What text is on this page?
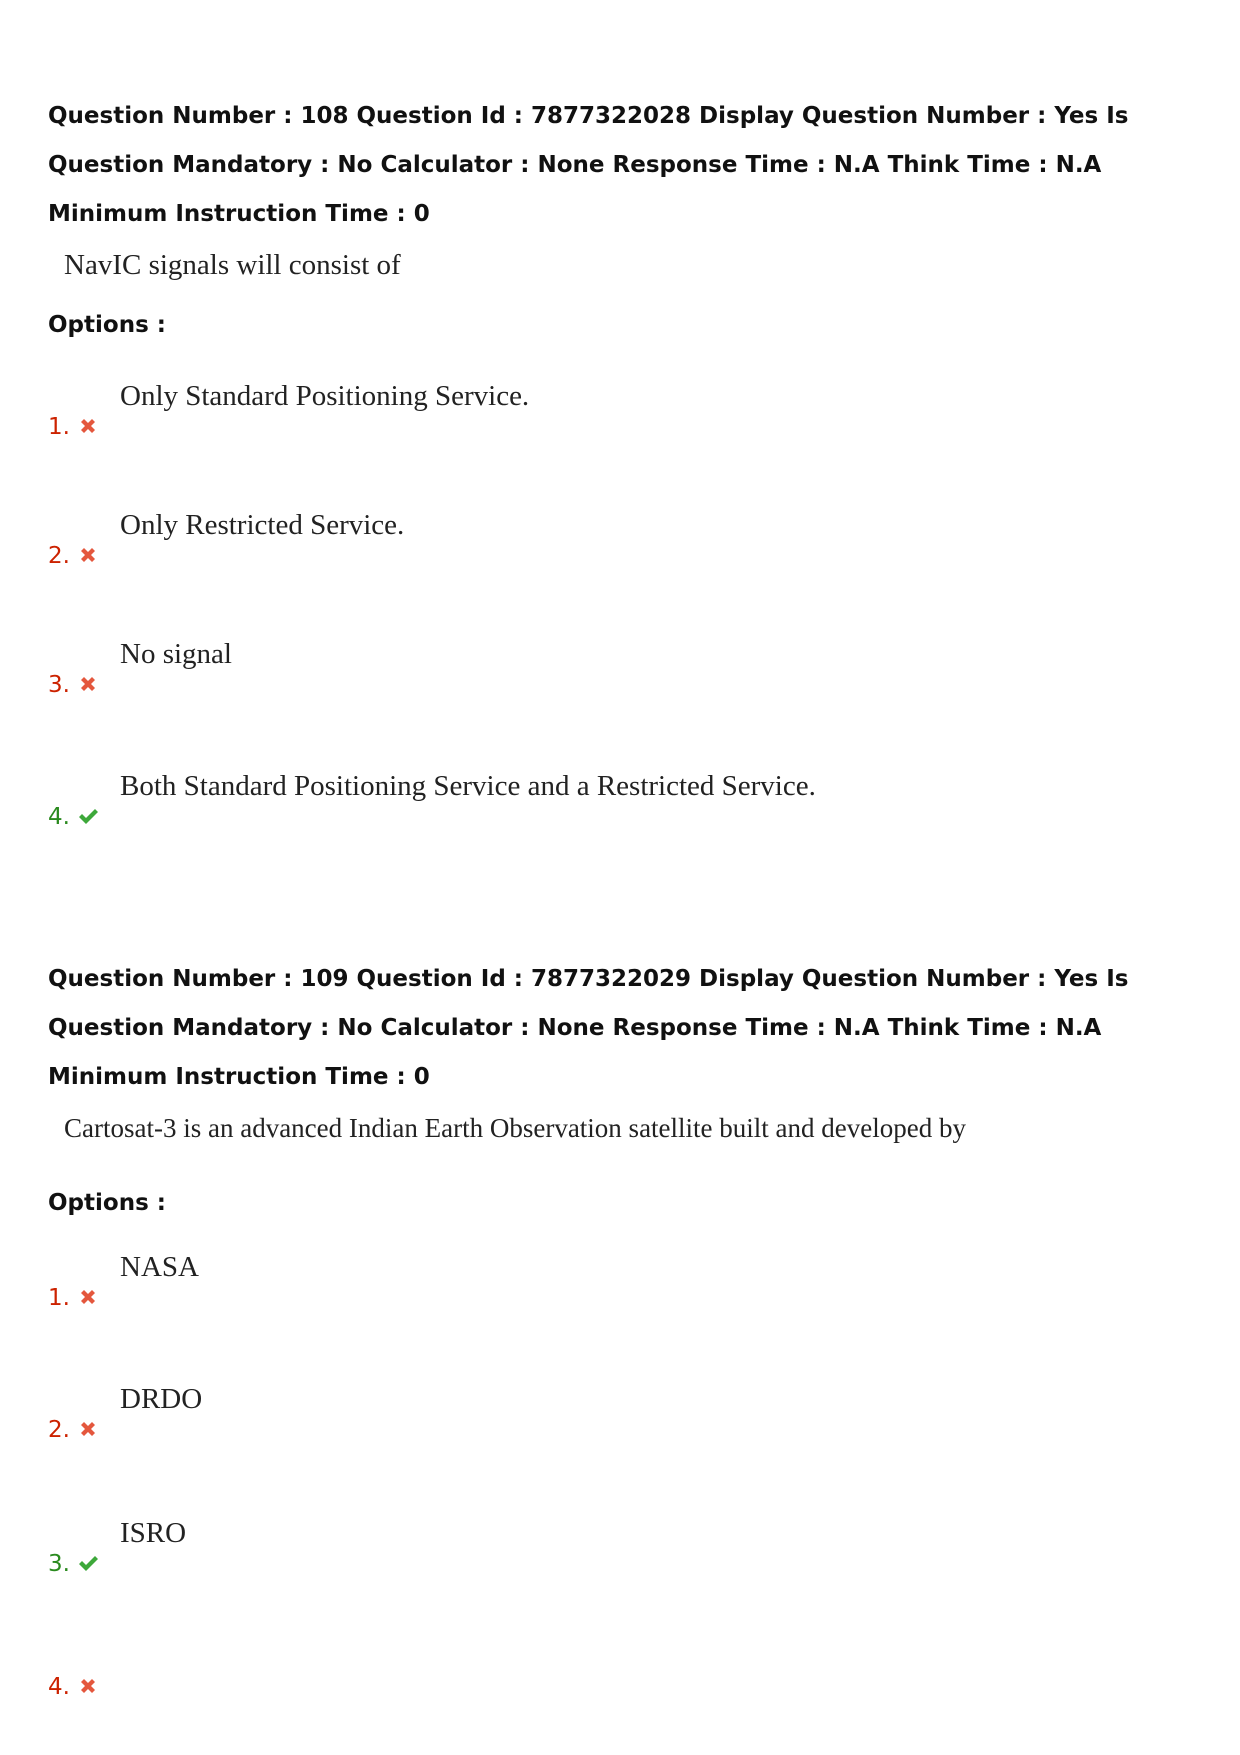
Question Number : 108 Question Id : 7877322028 Display Question Number : Yes Is Question Mandatory : No Calculator : None Response Time : N.A Think Time : N.A Minimum Instruction Time : 0

NavIC signals will consist of
Options :
1.
Only Standard Positioning Service.
2.
Only Restricted Service.
3.
No signal
4.
Both Standard Positioning Service and a Restricted Service.

Question Number : 109 Question Id : 7877322029 Display Question Number : Yes Is Question Mandatory : No Calculator : None Response Time : N.A Think Time : N.A Minimum Instruction Time : 0

Cartosat-3 is an advanced Indian Earth Observation satellite built and developed by
Options :
1.
NASA
2.
DRDO
3.
ISRO
4.
